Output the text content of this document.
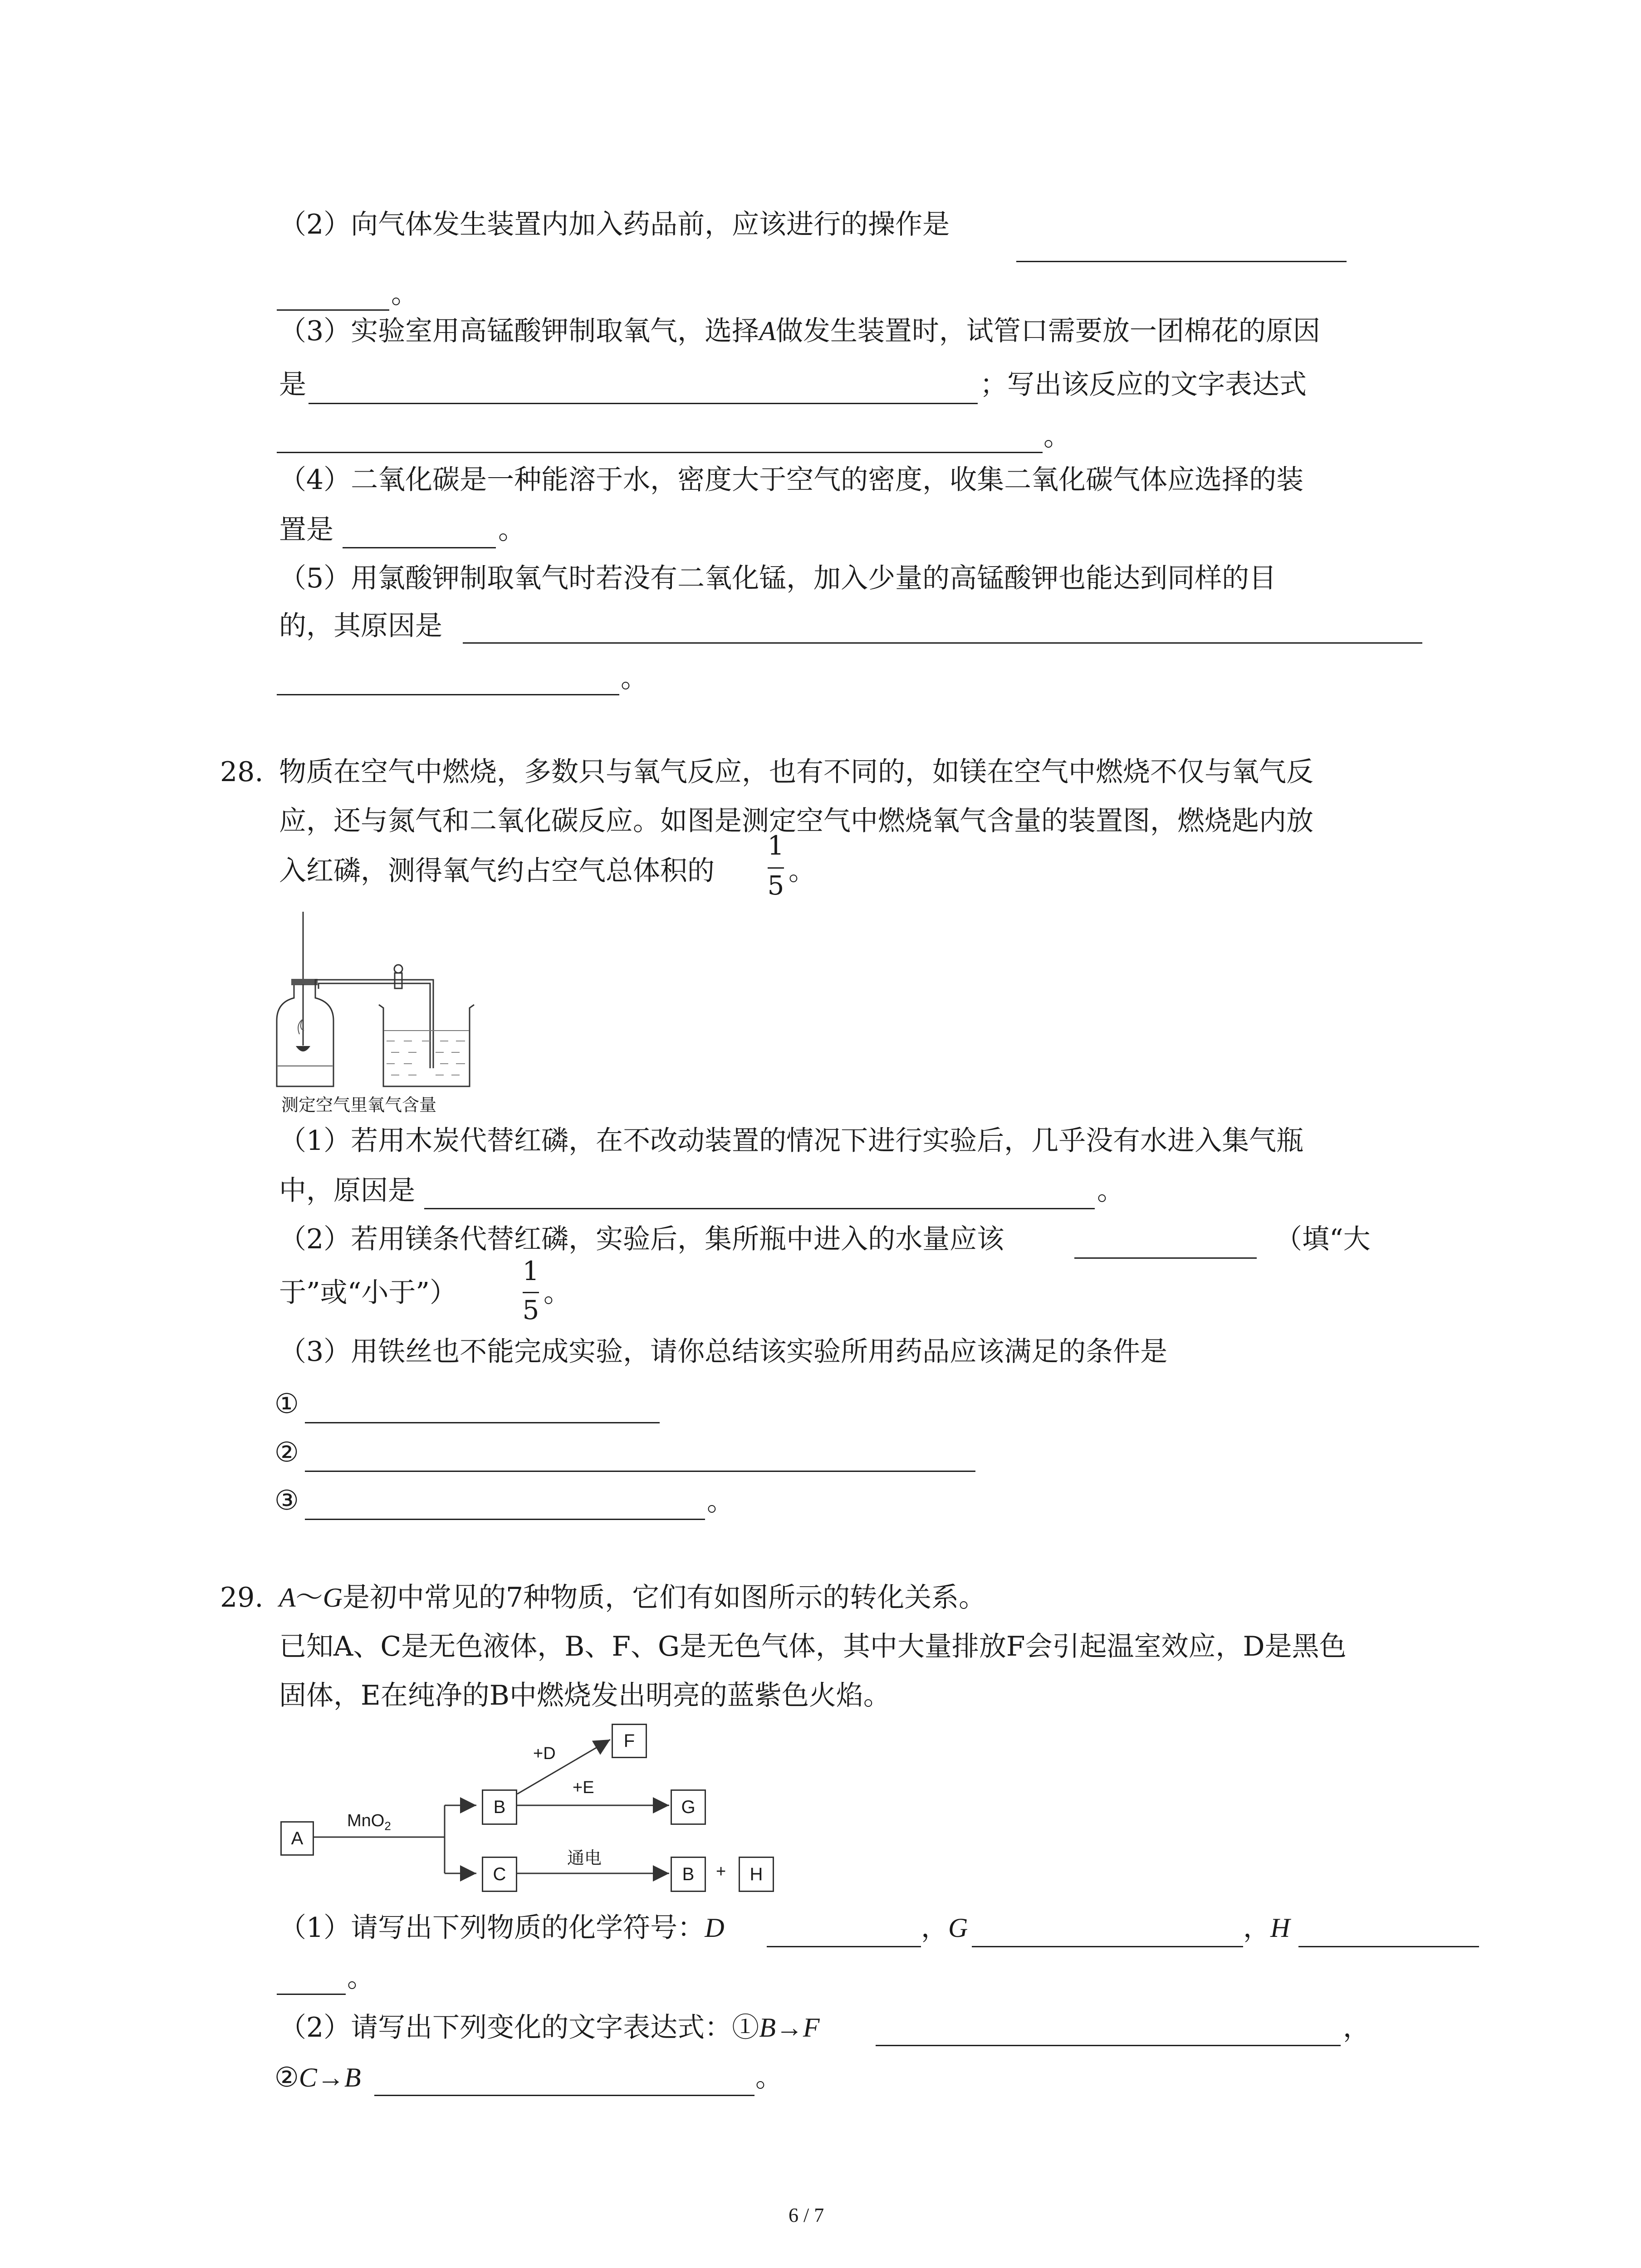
（2）向气体发生装置内加入药品前，应该进行的操作是
。
（3）实验室用高锰酸钾制取氧气，选择A做发生装置时，试管口需要放一团棉花的原因
是	；写出该反应的文字表达式
。
（4）二氧化碳是一种能溶于水，密度大于空气的密度，收集二氧化碳气体应选择的装
置是	。
（5）用氯酸钾制取氧气时若没有二氧化锰，加入少量的高锰酸钾也能达到同样的目
的，其原因是
。
28. 物质在空气中燃烧，多数只与氧气反应，也有不同的，如镁在空气中燃烧不仅与氧气反
应，还与氮气和二氧化碳反应。如图是测定空气中燃烧氧气含量的装置图，燃烧匙内放
入红磷，测得氧气约占空气总体积的
1
5 。
测定空气里氧气含量
（1）若用木炭代替红磷，在不改动装置的情况下进行实验后，几乎没有水进入集气瓶
中，原因是	。
（2）若用镁条代替红磷，实验后，集所瓶中进入的水量应该	（填“大
于”或“小于”）
1
5
。
（3）用铁丝也不能完成实验，请你总结该实验所用药品应该满足的条件是
①
②
③	。
29. A～G是初中常见的7种物质，它们有如图所示的转化关系。
已知A、C是无色液体，B、F、G是无色气体，其中大量排放F会引起温室效应，D是黑色
固体，E在纯净的B中燃烧发出明亮的蓝紫色火焰。
A
B
C
F
G
B	H
MnO$_2$
+D
+E
通电
+
（1）请写出下列物质的化学符号：D	，G	，H
。
（2）请写出下列变化的文字表达式：①B→F	，
②C→B	。
6 / 7
